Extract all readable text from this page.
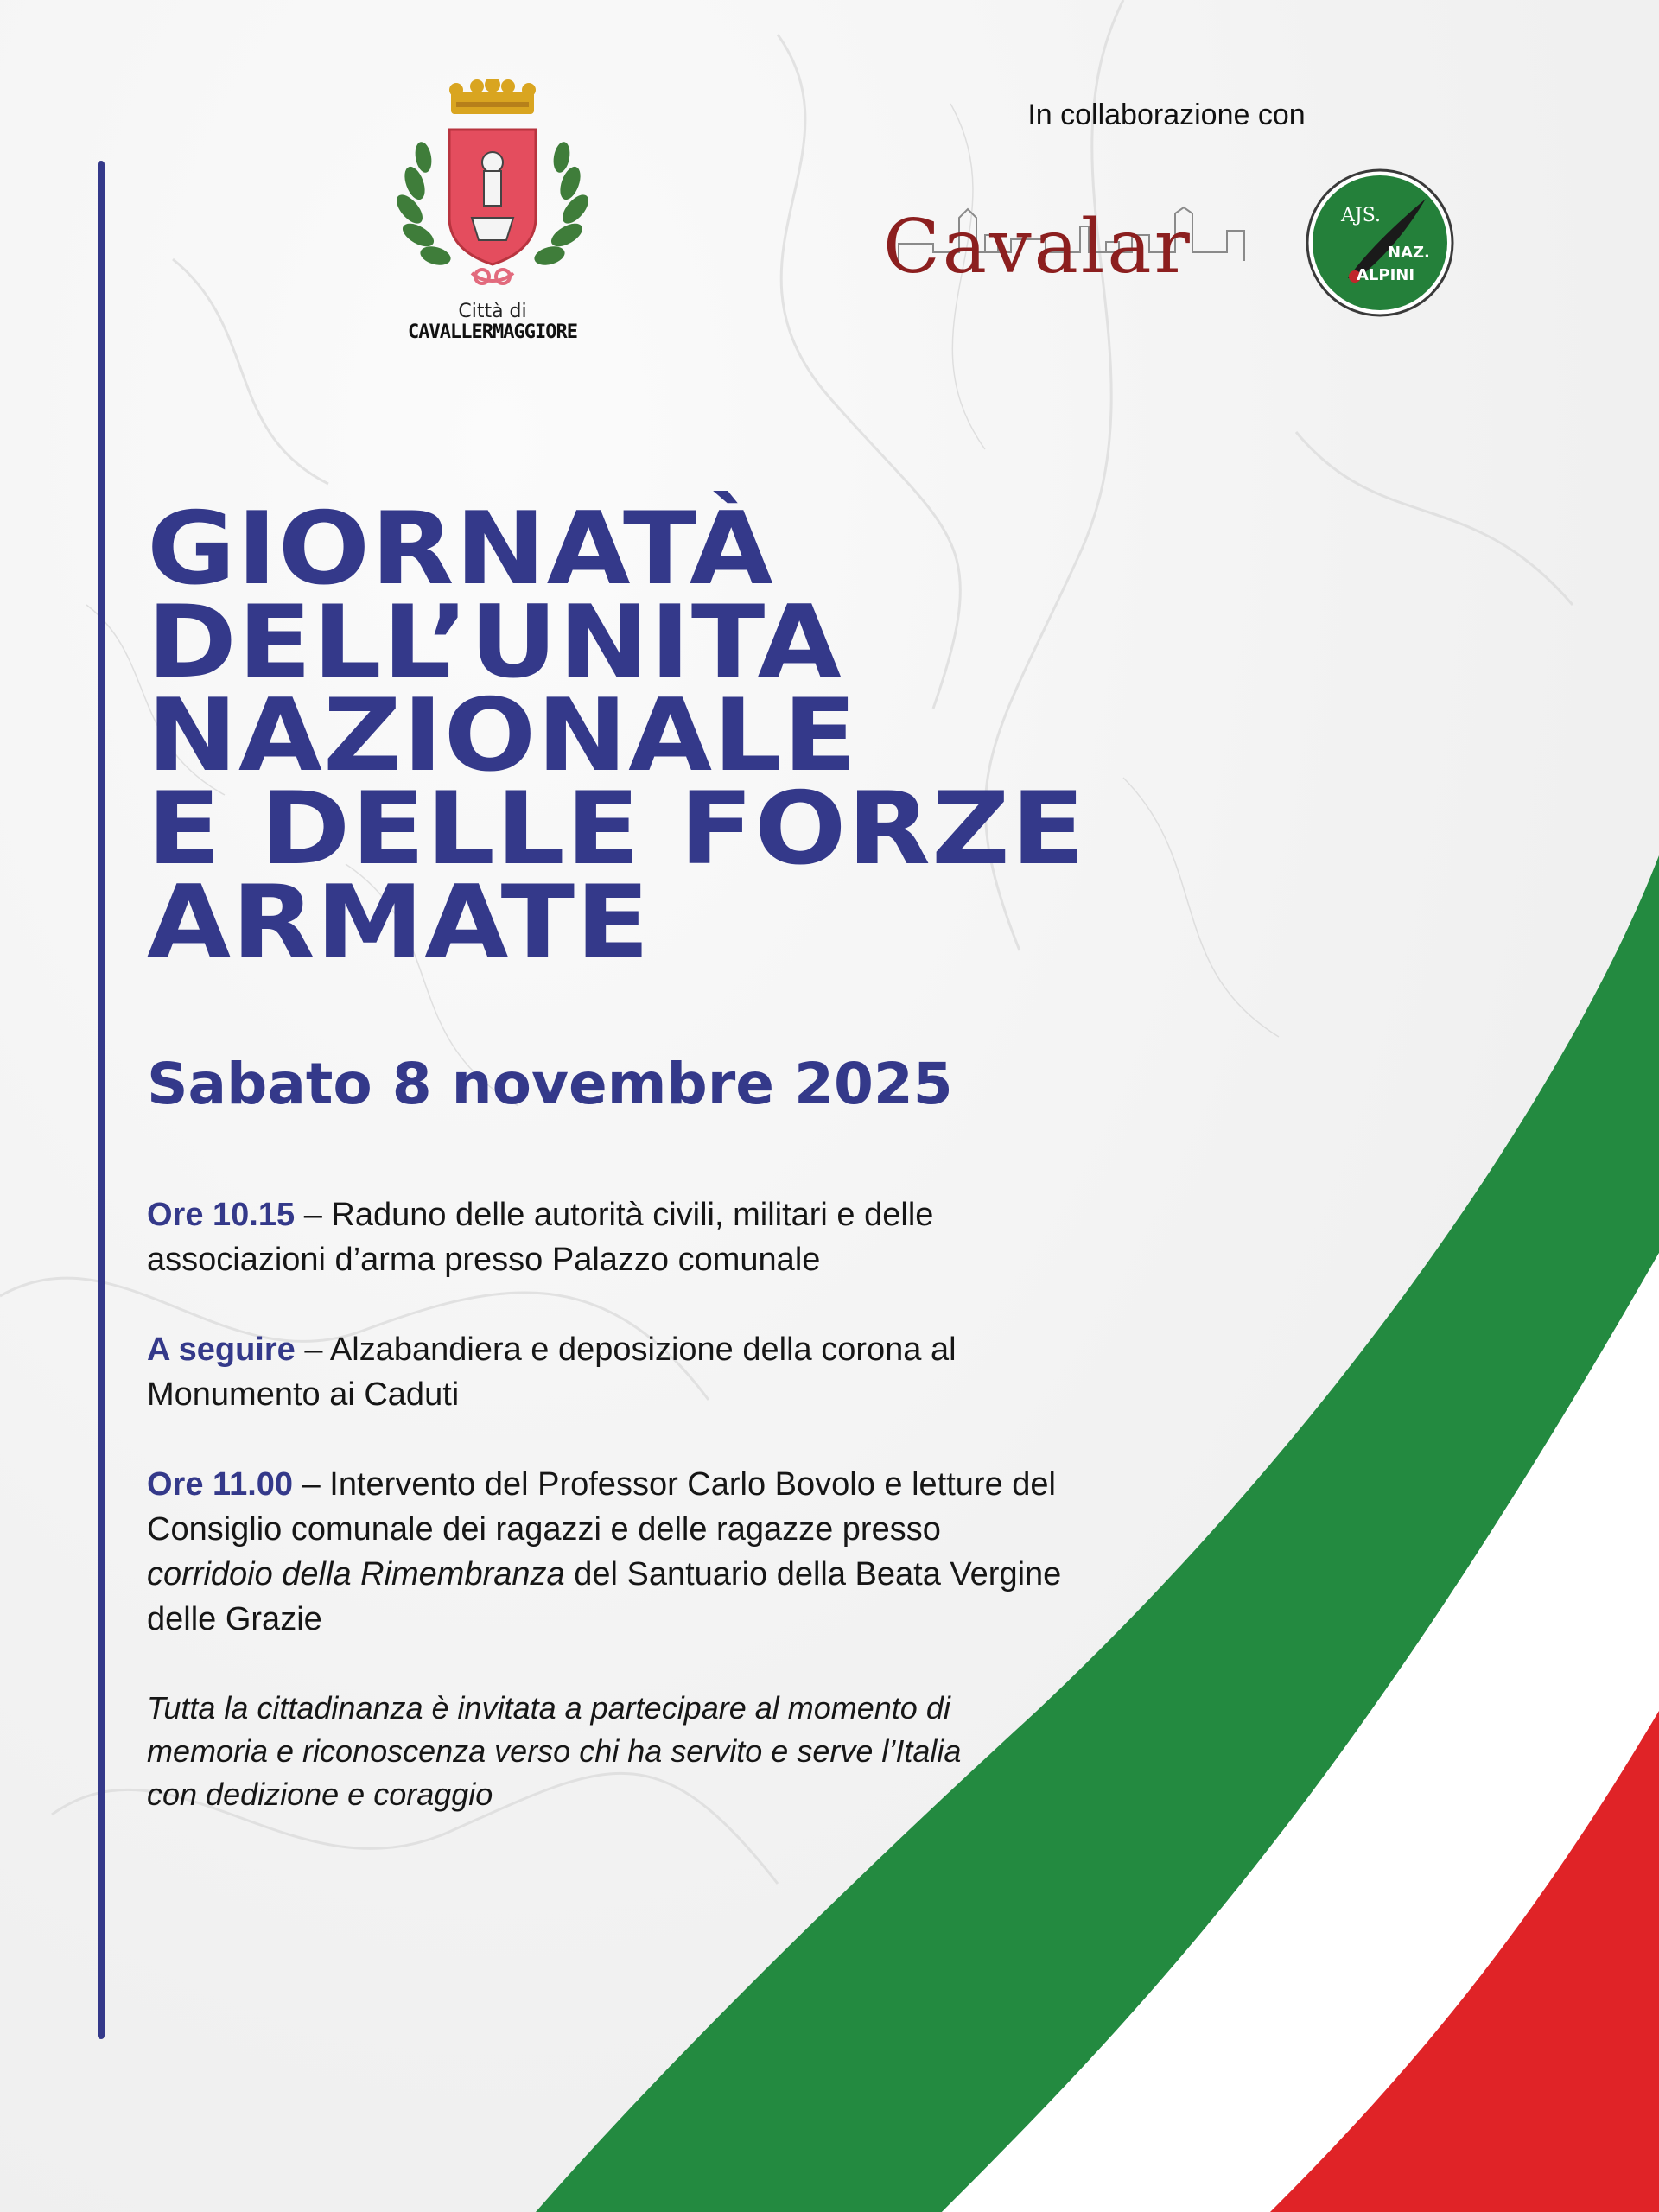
Città di
CAVALLERMAGGIORE
In collaborazione con
Cavalar	AJS.
NAZ.
ALPINI
GIORNATÀ
DELL’UNITA
NAZIONALE
E DELLE FORZE
ARMATE
Sabato 8 novembre 2025
Ore 10.15 – Raduno delle autorità civili, militari e delle associazioni d’arma presso Palazzo comunale
A seguire – Alzabandiera e deposizione della corona al Monumento ai Caduti
Ore 11.00 – Intervento del Professor Carlo Bovolo e letture del Consiglio comunale dei ragazzi e delle ragazze presso corridoio della Rimembranza del Santuario della Beata Vergine delle Grazie
Tutta la cittadinanza è invitata a partecipare al momento di memoria e riconoscenza verso chi ha servito e serve l’Italia con dedizione e coraggio
